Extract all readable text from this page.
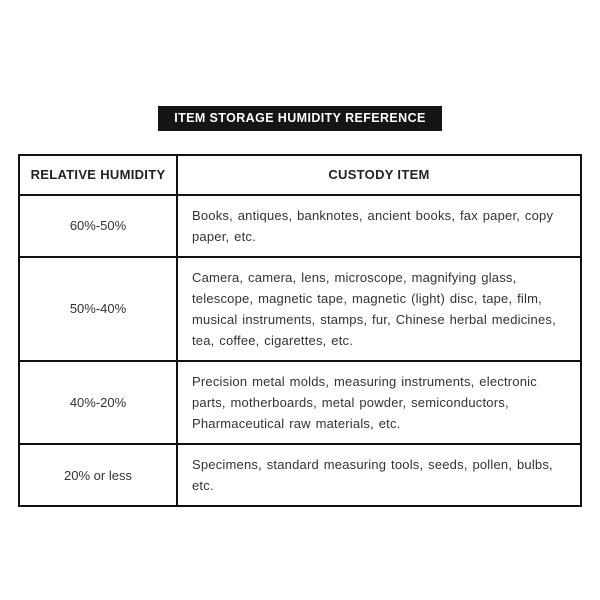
ITEM STORAGE HUMIDITY REFERENCE
RELATIVE HUMIDITY	CUSTODY ITEM
60%-50%	Books, antiques, banknotes, ancient books, fax paper, copy paper, etc.
50%-40%	Camera, camera, lens, microscope, magnifying glass, telescope, magnetic tape, magnetic (light) disc, tape, film, musical instruments, stamps, fur, Chinese herbal medicines, tea, coffee, cigarettes, etc.
40%-20%	Precision metal molds, measuring instruments, electronic parts, motherboards, metal powder, semiconductors, Pharmaceutical raw materials, etc.
20% or less	Specimens, standard measuring tools, seeds, pollen, bulbs, etc.
